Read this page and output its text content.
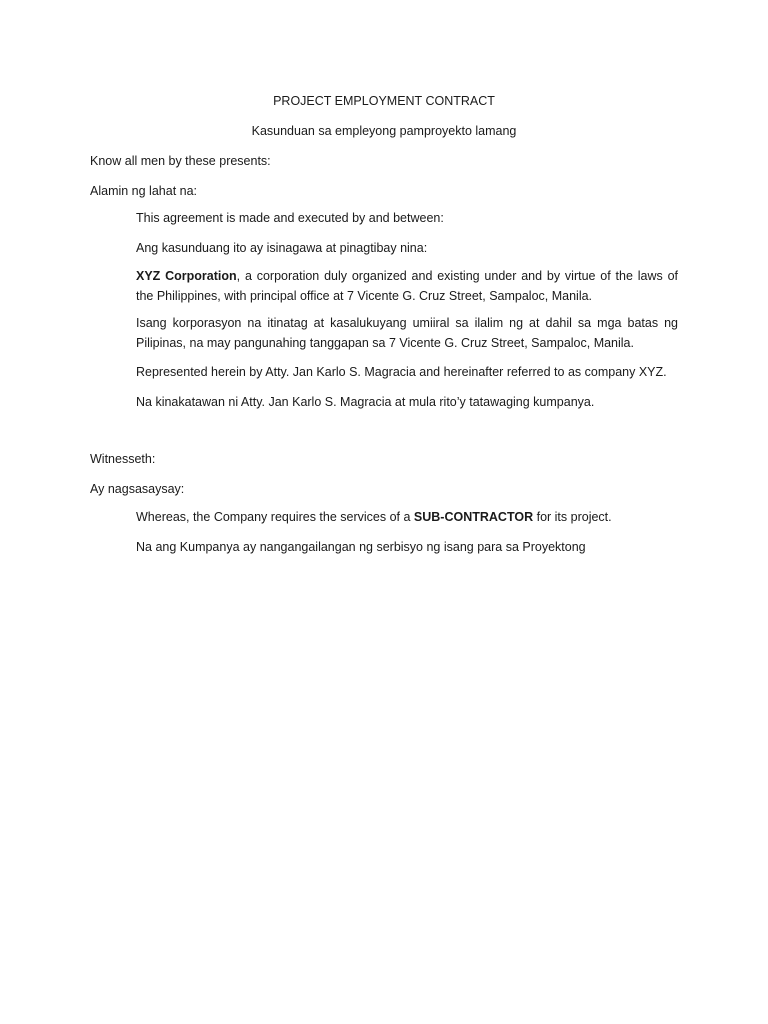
PROJECT EMPLOYMENT CONTRACT

Kasunduan sa empleyong pamproyekto lamang

Know all men by these presents:

Alamin ng lahat na:

This agreement is made and executed by and between:

Ang kasunduang ito ay isinagawa at pinagtibay nina:

XYZ Corporation, a corporation duly organized and existing under and by virtue of the laws of the Philippines, with principal office at 7 Vicente G. Cruz Street, Sampaloc, Manila.

Isang korporasyon na itinatag at kasalukuyang umiiral sa ilalim ng at dahil sa mga batas ng Pilipinas, na may pangunahing tanggapan sa 7 Vicente G. Cruz Street, Sampaloc, Manila.

Represented herein by Atty. Jan Karlo S. Magracia and hereinafter referred to as company XYZ.

Na kinakatawan ni Atty. Jan Karlo S. Magracia at mula rito’y tatawaging kumpanya.

Witnesseth:

Ay nagsasaysay:

Whereas, the Company requires the services of a SUB-CONTRACTOR for its project.

Na ang Kumpanya ay nangangailangan ng serbisyo ng isang para sa Proyektong
